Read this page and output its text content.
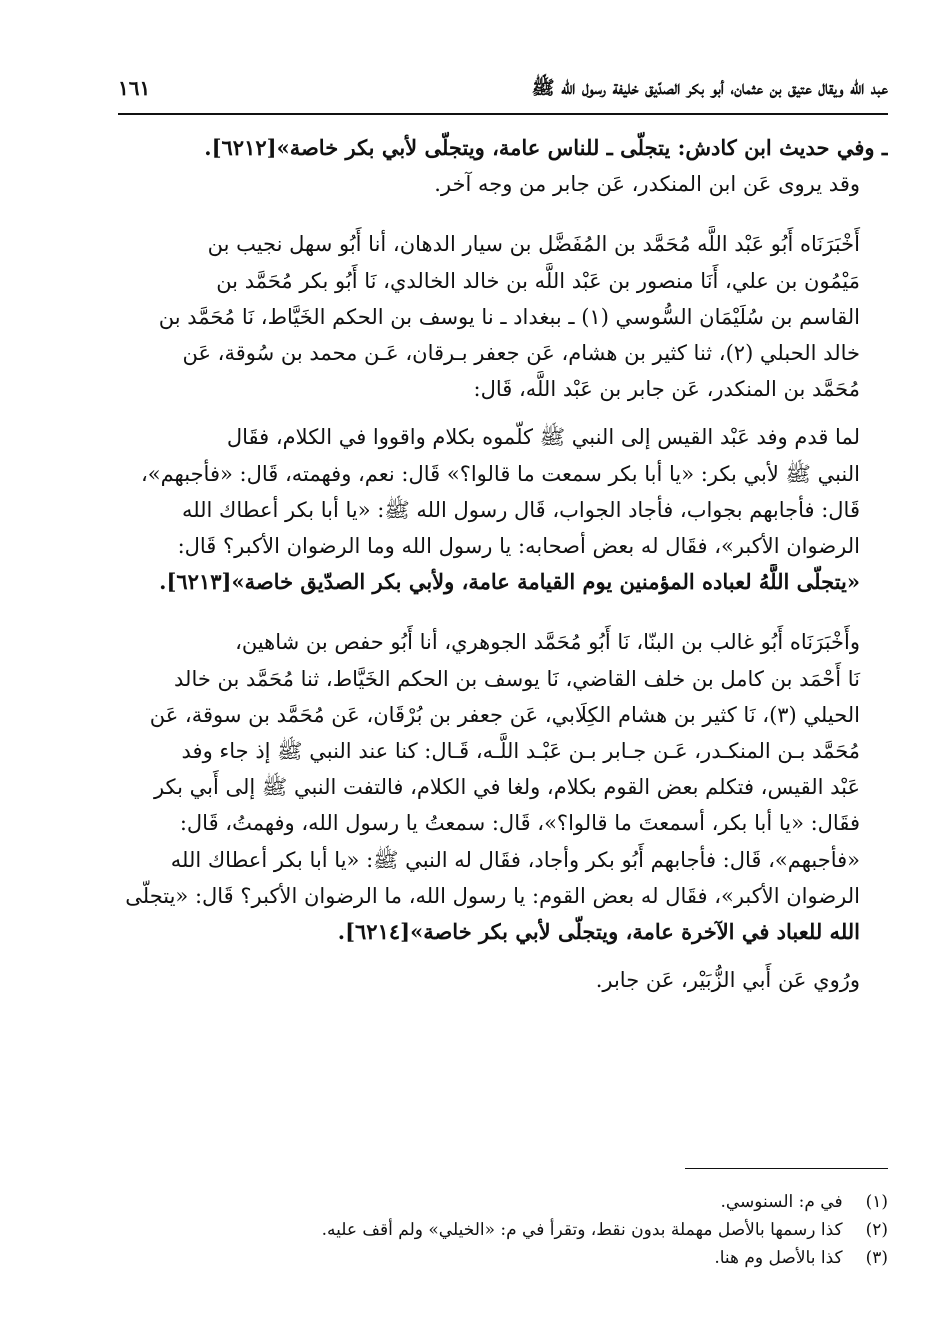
عبد الله ويقال عتيق بن عثمان، أبو بكر الصدّيق خليفة رسول الله ﷺ
١٦١

ـ وفي حديث ابن كادش: يتجلّى ـ للناس عامة، ويتجلّى لأبي بكر خاصة»[٦٢١٢].

وقد يروى عَن ابن المنكدر، عَن جابر من وجه آخر.

أَخْبَرَنَاه أَبُو عَبْد اللَّه مُحَمَّد بن المُفَضَّل بن سيار الدهان، أنا أَبُو سهل نجيب بن
مَيْمُون بن علي، أَنَا منصور بن عَبْد اللَّه بن خالد الخالدي، نَا أَبُو بكر مُحَمَّد بن
القاسم بن سُلَيْمَان السُّوسي (١) ـ ببغداد ـ نا يوسف بن الحكم الخَيَّاط، نَا مُحَمَّد بن
خالد الحبلي (٢)، ثنا كثير بن هشام، عَن جعفر بـرقان، عَـن محمد بن سُوقة، عَن
مُحَمَّد بن المنكدر، عَن جابر بن عَبْد اللَّه، قَال:

لما قدم وفد عَبْد القيس إلى النبي ﷺ كلّموه بكلام واقووا في الكلام، فقَال
النبي ﷺ لأبي بكر: «يا أبا بكر سمعت ما قالوا؟» قَال: نعم، وفهمته، قَال: «فأجبهم»،
قَال: فأجابهم بجواب، فأجاد الجواب، قَال رسول الله ﷺ: «يا أبا بكر أعطاك الله
الرضوان الأكبر»، فقَال له بعض أصحابه: يا رسول الله وما الرضوان الأكبر؟ قَال:
«يتجلّى اللَّهُ لعباده المؤمنين يوم القيامة عامة، ولأبي بكر الصدّيق خاصة»[٦٢١٣].

وأَخْبَرَنَاه أَبُو غالب بن البنّا، نَا أَبُو مُحَمَّد الجوهري، أنا أَبُو حفص بن شاهين،
نَا أَحْمَد بن كامل بن خلف القاضي، نَا يوسف بن الحكم الخَيَّاط، ثنا مُحَمَّد بن خالد
الحيلي (٣)، نَا كثير بن هشام الكِلَابي، عَن جعفر بن بُرْقَان، عَن مُحَمَّد بن سوقة، عَن
مُحَمَّد بـن المنكـدر، عَـن جـابر بـن عَبْـد اللَّـه، قَـال: كنا عند النبي ﷺ إذ جاء وفد
عَبْد القيس، فتكلم بعض القوم بكلام، ولغا في الكلام، فالتفت النبي ﷺ إلى أَبي بكر
فقَال: «يا أبا بكر، أسمعتَ ما قالوا؟»، قَال: سمعتُ يا رسول الله، وفهمتُ، قَال:
«فأجبهم»، قَال: فأجابهم أَبُو بكر وأجاد، فقَال له النبي ﷺ: «يا أبا بكر أعطاك الله
الرضوان الأكبر»، فقَال له بعض القوم: يا رسول الله، ما الرضوان الأكبر؟ قَال: «يتجلّى
الله للعباد في الآخرة عامة، ويتجلّى لأبي بكر خاصة»[٦٢١٤].

ورُوي عَن أَبي الزُّبَيْر، عَن جابر.

(١) في م: السنوسي.
(٢) كذا رسمها بالأصل مهملة بدون نقط، وتقرأ في م: «الخيلي» ولم أقف عليه.
(٣) كذا بالأصل وم هنا.
